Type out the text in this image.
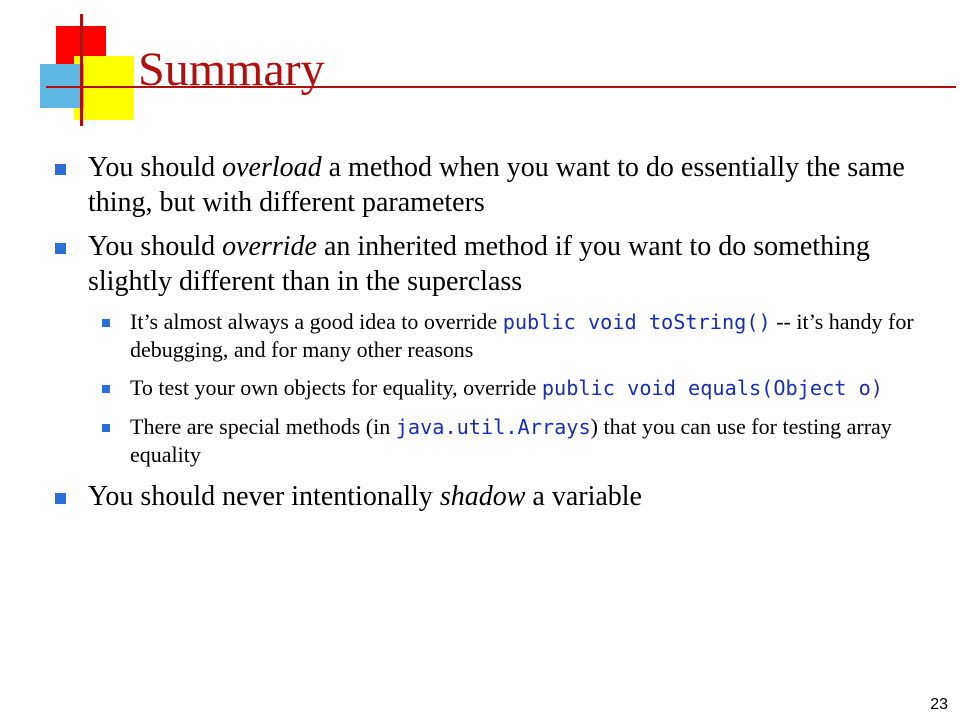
Summary
You should overload a method when you want to do essentially the same thing, but with different parameters
You should override an inherited method if you want to do something slightly different than in the superclass
It’s almost always a good idea to override public void toString() -- it’s handy for debugging, and for many other reasons
To test your own objects for equality, override public void equals(Object o)
There are special methods (in java.util.Arrays) that you can use for testing array equality
You should never intentionally shadow a variable
23
